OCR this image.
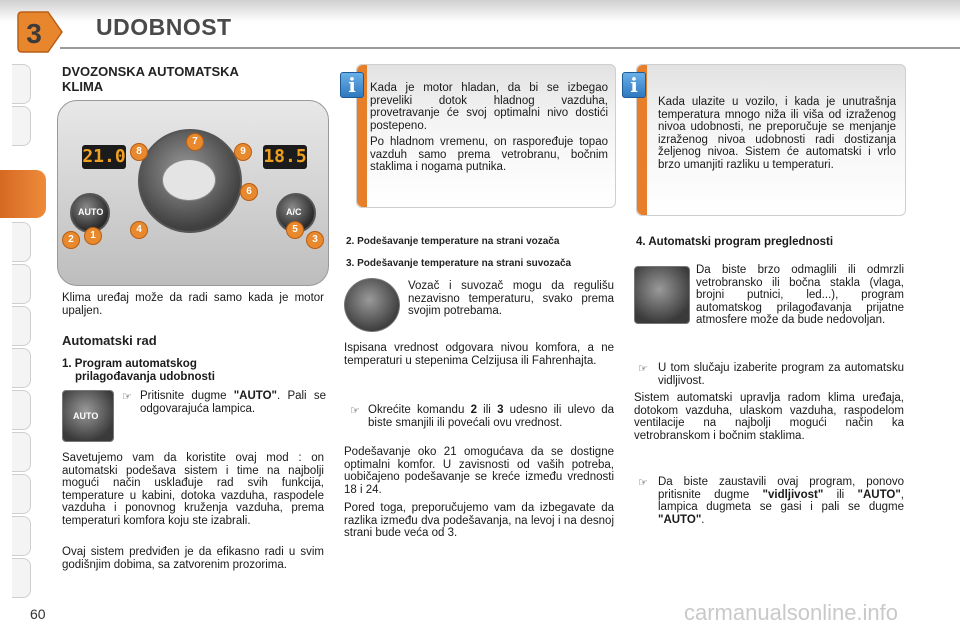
3 UDOBNOST
DVOZONSKA AUTOMATSKA
KLIMA
21.0	18.5
AUTO	A/C
1
2	3
4	5
6
7
8	9
Klima uređaj može da radi samo kada je motor upaljen.
Automatski rad
1. Program automatskog
prilagođavanja udobnosti
AUTO
☞ Pritisnite dugme "AUTO". Pali se odgovarajuća lampica.
Savetujemo vam da koristite ovaj mod : on automatski podešava sistem i time na najbolji mogući način usklađuje rad svih funkcija, temperature u kabini, dotoka vazduha, raspodele vazduha i ponovnog kruženja vazduha, prema temperaturi komfora koju ste izabrali.
Ovaj sistem predviđen je da efikasno radi u svim godišnjim dobima, sa zatvorenim prozorima.
i	Kada je motor hladan, da bi se izbegao preveliki dotok hladnog vazduha, provetravanje će svoj optimalni nivo dostići postepeno.
Po hladnom vremenu, on raspoređuje topao vazduh samo prema vetrobranu, bočnim staklima i nogama putnika.
i
Kada ulazite u vozilo, i kada je unutrašnja temperatura mnogo niža ili viša od izraženog nivoa udobnosti, ne preporučuje se menjanje izraženog nivoa udobnosti radi dostizanja željenog nivoa. Sistem će automatski i vrlo brzo umanjiti razliku u temperaturi.
2. Podešavanje temperature na strani vozača
3. Podešavanje temperature na strani suvozača
Vozač i suvozač mogu da regulišu nezavisno temperaturu, svako prema svojim potrebama.
Ispisana vrednost odgovara nivou komfora, a ne temperaturi u stepenima Celzijusa ili Fahrenhajta.
☞ Okrećite komandu 2 ili 3 udesno ili ulevo da biste smanjili ili povećali ovu vrednost.
Podešavanje oko 21 omogućava da se dostigne optimalni komfor. U zavisnosti od vaših potreba, uobičajeno podešavanje se kreće između vrednosti 18 i 24.
Pored toga, preporučujemo vam da izbegavate da razlika između dva podešavanja, na levoj i na desnoj strani bude veća od 3.
4. Automatski program preglednosti
Da biste brzo odmaglili ili odmrzli vetrobransko ili bočna stakla (vlaga, brojni putnici, led...), program automatskog prilagođavanja prijatne atmosfere može da bude nedovoljan.
☞ U tom slučaju izaberite program za automatsku vidljivost.
Sistem automatski upravlja radom klima uređaja, dotokom vazduha, ulaskom vazduha, raspodelom ventilacije na najbolji mogući način ka vetrobranskom i bočnim staklima.
☞ Da biste zaustavili ovaj program, ponovo pritisnite dugme "vidljivost" ili "AUTO", lampica dugmeta se gasi i pali se dugme "AUTO".
60	carmanualsonline.info
